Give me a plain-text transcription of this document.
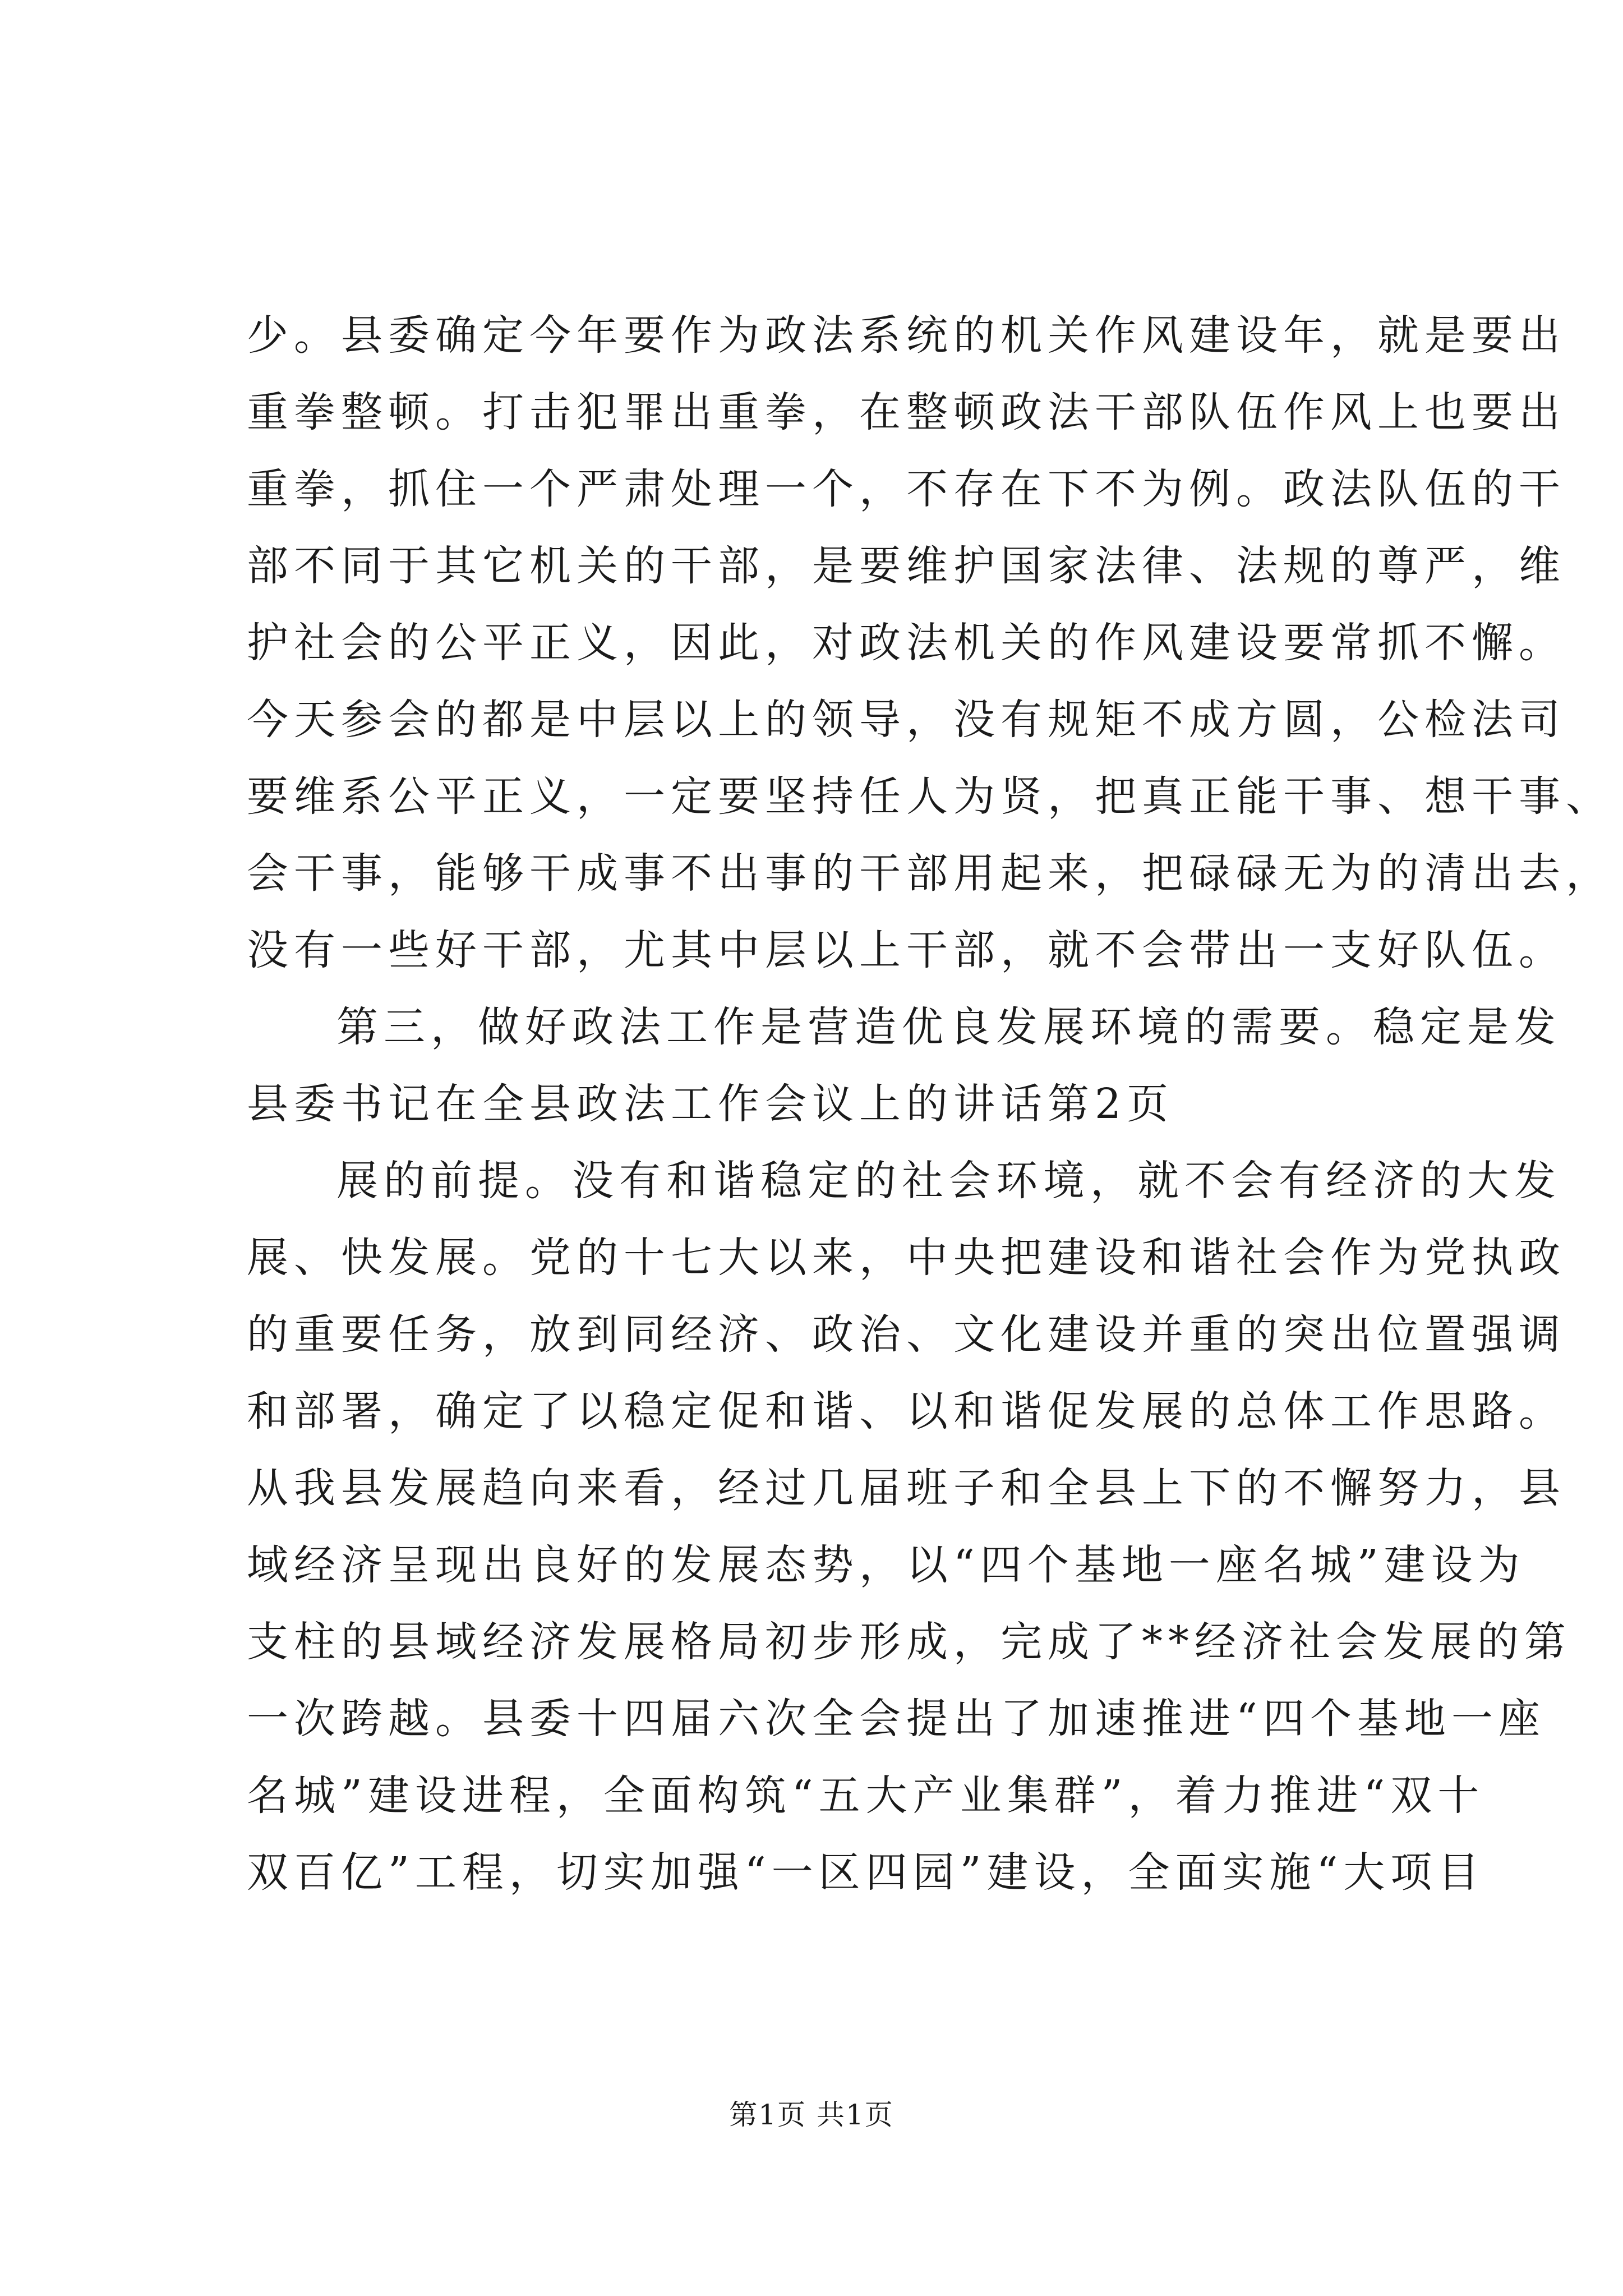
少。县委确定今年要作为政法系统的机关作风建设年，就是要出
重拳整顿。打击犯罪出重拳，在整顿政法干部队伍作风上也要出
重拳，抓住一个严肃处理一个，不存在下不为例。政法队伍的干
部不同于其它机关的干部，是要维护国家法律、法规的尊严，维
护社会的公平正义，因此，对政法机关的作风建设要常抓不懈。
今天参会的都是中层以上的领导，没有规矩不成方圆，公检法司
要维系公平正义，一定要坚持任人为贤，把真正能干事、想干事、
会干事，能够干成事不出事的干部用起来，把碌碌无为的清出去，
没有一些好干部，尤其中层以上干部，就不会带出一支好队伍。
第三，做好政法工作是营造优良发展环境的需要。稳定是发
县委书记在全县政法工作会议上的讲话第2页
展的前提。没有和谐稳定的社会环境，就不会有经济的大发
展、快发展。党的十七大以来，中央把建设和谐社会作为党执政
的重要任务，放到同经济、政治、文化建设并重的突出位置强调
和部署，确定了以稳定促和谐、以和谐促发展的总体工作思路。
从我县发展趋向来看，经过几届班子和全县上下的不懈努力，县
域经济呈现出良好的发展态势，以“四个基地一座名城”建设为
支柱的县域经济发展格局初步形成，完成了**经济社会发展的第
一次跨越。县委十四届六次全会提出了加速推进“四个基地一座
名城”建设进程，全面构筑“五大产业集群”，着力推进“双十
双百亿”工程，切实加强“一区四园”建设，全面实施“大项目
第1页 共1页
